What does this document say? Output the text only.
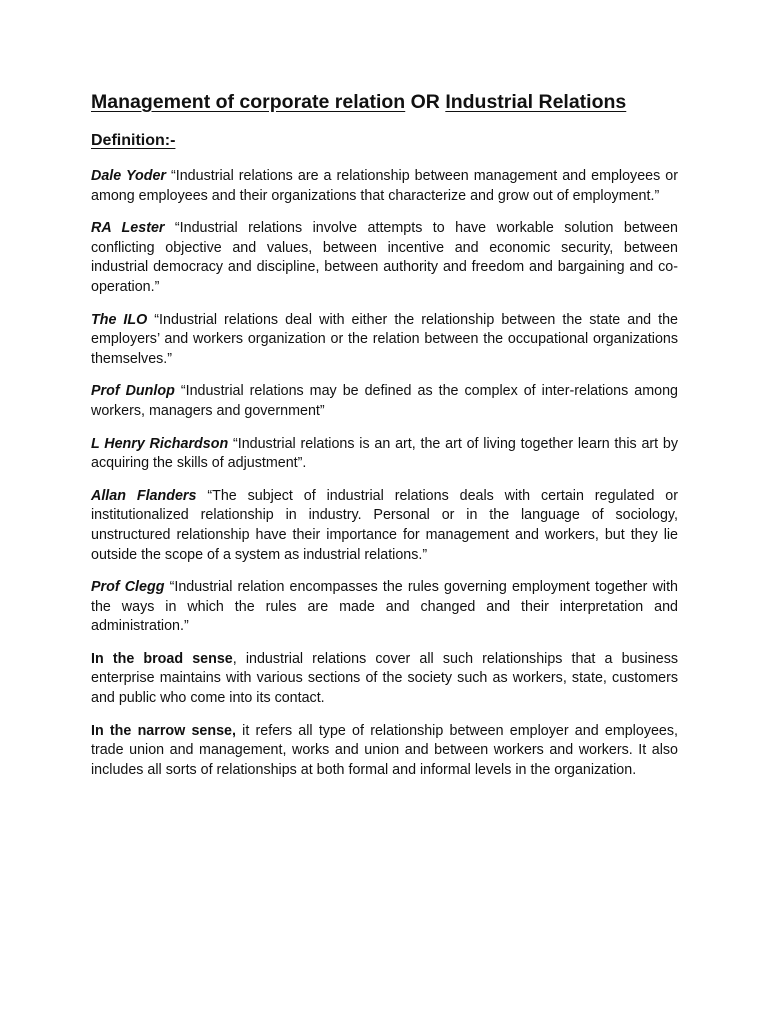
Management of corporate relation OR Industrial Relations
Definition:-

Dale Yoder “Industrial relations are a relationship between management and employees or among employees and their organizations that characterize and grow out of employment.”

RA Lester “Industrial relations involve attempts to have workable solution between conflicting objective and values, between incentive and economic security, between industrial democracy and discipline, between authority and freedom and bargaining and co-operation.”

The ILO “Industrial relations deal with either the relationship between the state and the employers’ and workers organization or the relation between the occupational organizations themselves.”

Prof Dunlop “Industrial relations may be defined as the complex of inter-relations among workers, managers and government”

L Henry Richardson “Industrial relations is an art, the art of living together learn this art by acquiring the skills of adjustment”.

Allan Flanders “The subject of industrial relations deals with certain regulated or institutionalized relationship in industry. Personal or in the language of sociology, unstructured relationship have their importance for management and workers, but they lie outside the scope of a system as industrial relations.”

Prof Clegg “Industrial relation encompasses the rules governing employment together with the ways in which the rules are made and changed and their interpretation and administration.”

In the broad sense, industrial relations cover all such relationships that a business enterprise maintains with various sections of the society such as workers, state, customers and public who come into its contact.

In the narrow sense, it refers all type of relationship between employer and employees, trade union and management, works and union and between workers and workers. It also includes all sorts of relationships at both formal and informal levels in the organization.
